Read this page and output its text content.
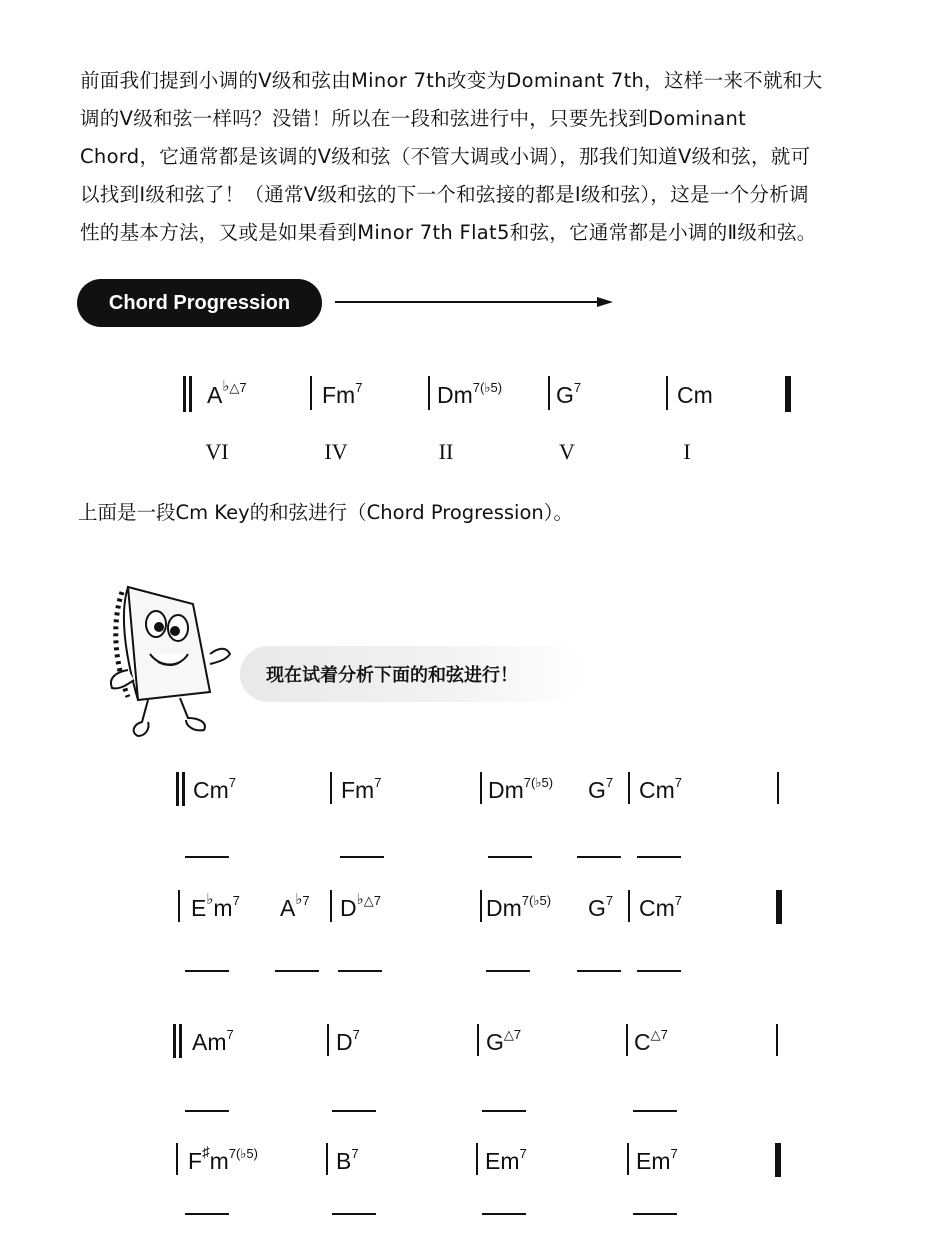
前面我们提到小调的Ⅴ级和弦由Minor 7th改变为Dominant 7th，这样一来不就和大

调的Ⅴ级和弦一样吗？没错！所以在一段和弦进行中，只要先找到Dominant

Chord，它通常都是该调的Ⅴ级和弦（不管大调或小调），那我们知道Ⅴ级和弦，就可

以找到Ⅰ级和弦了！（通常Ⅴ级和弦的下一个和弦接的都是Ⅰ级和弦），这是一个分析调

性的基本方法，又或是如果看到Minor 7th Flat5和弦，它通常都是小调的Ⅱ级和弦。

Chord Progression
$A^{♭\triangle 7}$	Fm$^7$	$Dm^{7(♭5)}$ $G^7$	Cm
VI	IV	II	V	I
上面是一段Cm Key的和弦进行（Chord Progression）。
现在试着分析下面的和弦进行！
Cm$^7$	Fm$^7$	$Dm^{7(♭5)}$ $G^7$ Cm$^7$
$E^♭m^7$ $A^{♭7}$ $D^{♭\triangle 7}$	$Dm^{7(♭5)}$ $G^7$ Cm$^7$
Am$^7$	$D^7$	$G^{\triangle 7}$	$C^{\triangle 7}$
$F^♯m^{7(♭5)}$	$B^7$	Em$^7$	Em$^7$
